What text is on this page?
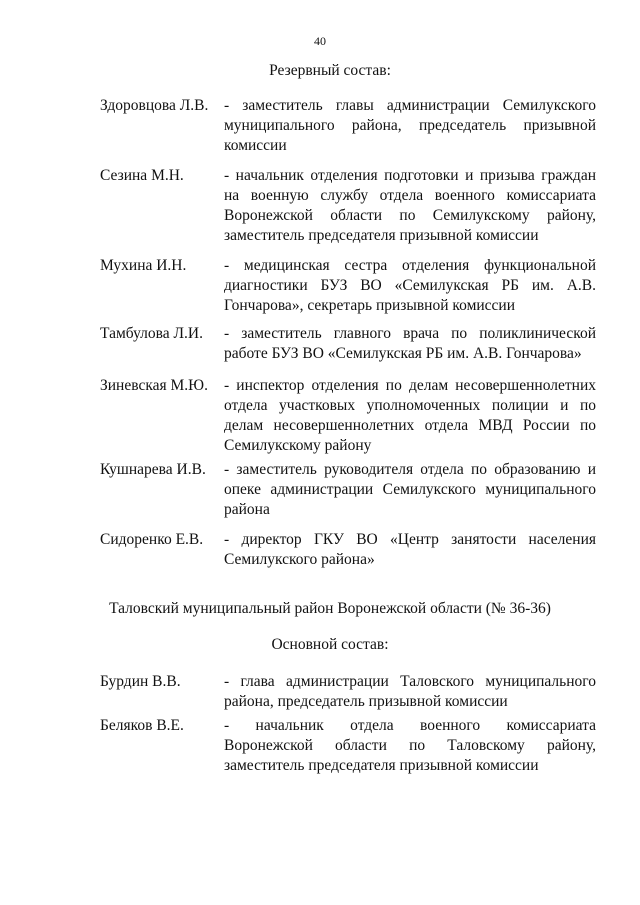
40
Резервный состав:
Здоровцова Л.В. - заместитель главы администрации Семилукского муниципального района, председатель призывной комиссии
Сезина М.Н.	- начальник отделения подготовки и призыва граждан на военную службу отдела военного комиссариата Воронежской области по Семилукскому району, заместитель председателя призывной комиссии
Мухина И.Н. - медицинская сестра отделения функциональной диагностики БУЗ ВО «Семилукская РБ им. А.В. Гончарова», секретарь призывной комиссии
Тамбулова Л.И. - заместитель главного врача по поликлинической работе БУЗ ВО «Семилукская РБ им. А.В. Гончарова»
Зиневская М.Ю. - инспектор отделения по делам несовершеннолетних отдела участковых уполномоченных полиции и по делам несовершеннолетних отдела МВД России по Семилукскому району
Кушнарева И.В. - заместитель руководителя отдела по образованию и опеке администрации Семилукского муниципального района
Сидоренко Е.В. - директор ГКУ ВО «Центр занятости населения Семилукского района»
Таловский муниципальный район Воронежской области (№ 36-36)
Основной состав:
Бурдин В.В.	- глава администрации Таловского муниципального района, председатель призывной комиссии
Беляков В.Е.	- начальник отдела военного комиссариата Воронежской области по Таловскому району, заместитель председателя призывной комиссии
